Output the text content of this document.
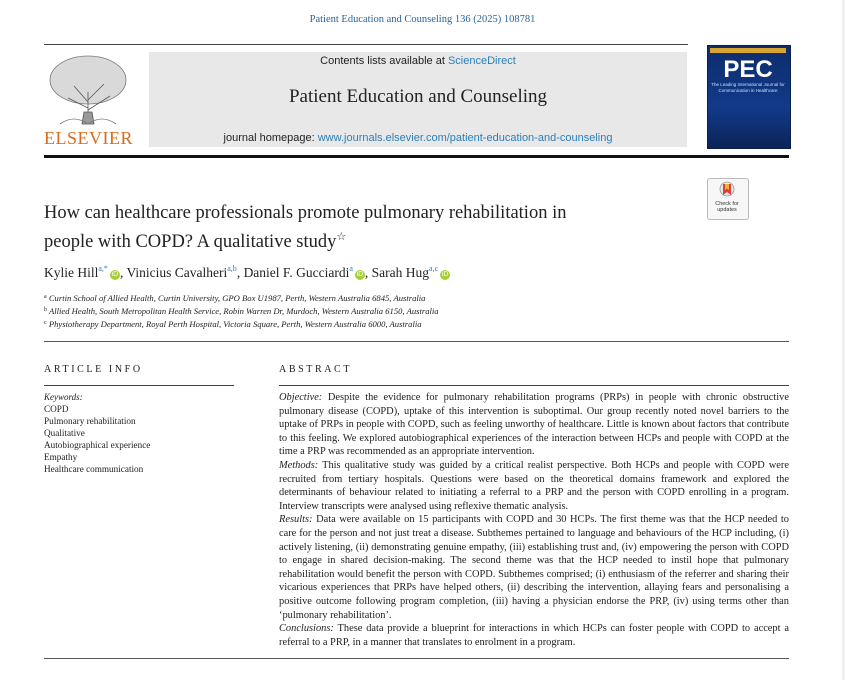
Patient Education and Counseling 136 (2025) 108781
ELSEVIER
Contents lists available at ScienceDirect
Patient Education and Counseling
journal homepage: www.journals.elsevier.com/patient-education-and-counseling
PEC
The Leading International Journal for Communication in Healthcare
Check for updates
How can healthcare professionals promote pulmonary rehabilitation in
people with COPD? A qualitative study☆
Kylie Hill$^{a,*}$iD , Vinicius Cavalheri$^{a,b}$, Daniel F. Gucciardi$^a$iD , Sarah Hug$^{a,c}$iD
$^a$ Curtin School of Allied Health, Curtin University, GPO Box U1987, Perth, Western Australia 6845, Australia
$^b$ Allied Health, South Metropolitan Health Service, Robin Warren Dr, Murdoch, Western Australia 6150, Australia
$^c$ Physiotherapy Department, Royal Perth Hospital, Victoria Square, Perth, Western Australia 6000, Australia
ARTICLE INFO
Keywords:
COPD
Pulmonary rehabilitation
Qualitative
Autobiographical experience
Empathy
Healthcare communication
ABSTRACT

Objective: Despite the evidence for pulmonary rehabilitation programs (PRPs) in people with chronic obstructive pulmonary disease (COPD), uptake of this intervention is suboptimal. Our group recently noted novel barriers to the uptake of PRPs in people with COPD, such as feeling unworthy of healthcare. Little is known about factors that contribute to this feeling. We explored autobiographical experiences of the interaction between HCPs and people with COPD at the time a PRP was recommended as an appropriate intervention.

Methods: This qualitative study was guided by a critical realist perspective. Both HCPs and people with COPD were recruited from tertiary hospitals. Questions were based on the theoretical domains framework and explored the determinants of behaviour related to initiating a referral to a PRP and the person with COPD enrolling in a program. Interview transcripts were analysed using reflexive thematic analysis.

Results: Data were available on 15 participants with COPD and 30 HCPs. The first theme was that the HCP needed to care for the person and not just treat a disease. Subthemes pertained to language and behaviours of the HCP including, (i) actively listening, (ii) demonstrating genuine empathy, (iii) establishing trust and, (iv) empowering the person with COPD to engage in shared decision-making. The second theme was that the HCP needed to instil hope that pulmonary rehabilitation would benefit the person with COPD. Subthemes comprised; (i) enthusiasm of the referrer and sharing their vicarious experiences that PRPs have helped others, (ii) describing the intervention, allaying fears and personalising a positive outcome following program completion, (iii) having a physician endorse the PRP, (iv) using terms other than ‘pulmonary rehabilitation’.

Conclusions: These data provide a blueprint for interactions in which HCPs can foster people with COPD to accept a referral to a PRP, in a manner that translates to enrolment in a program.
